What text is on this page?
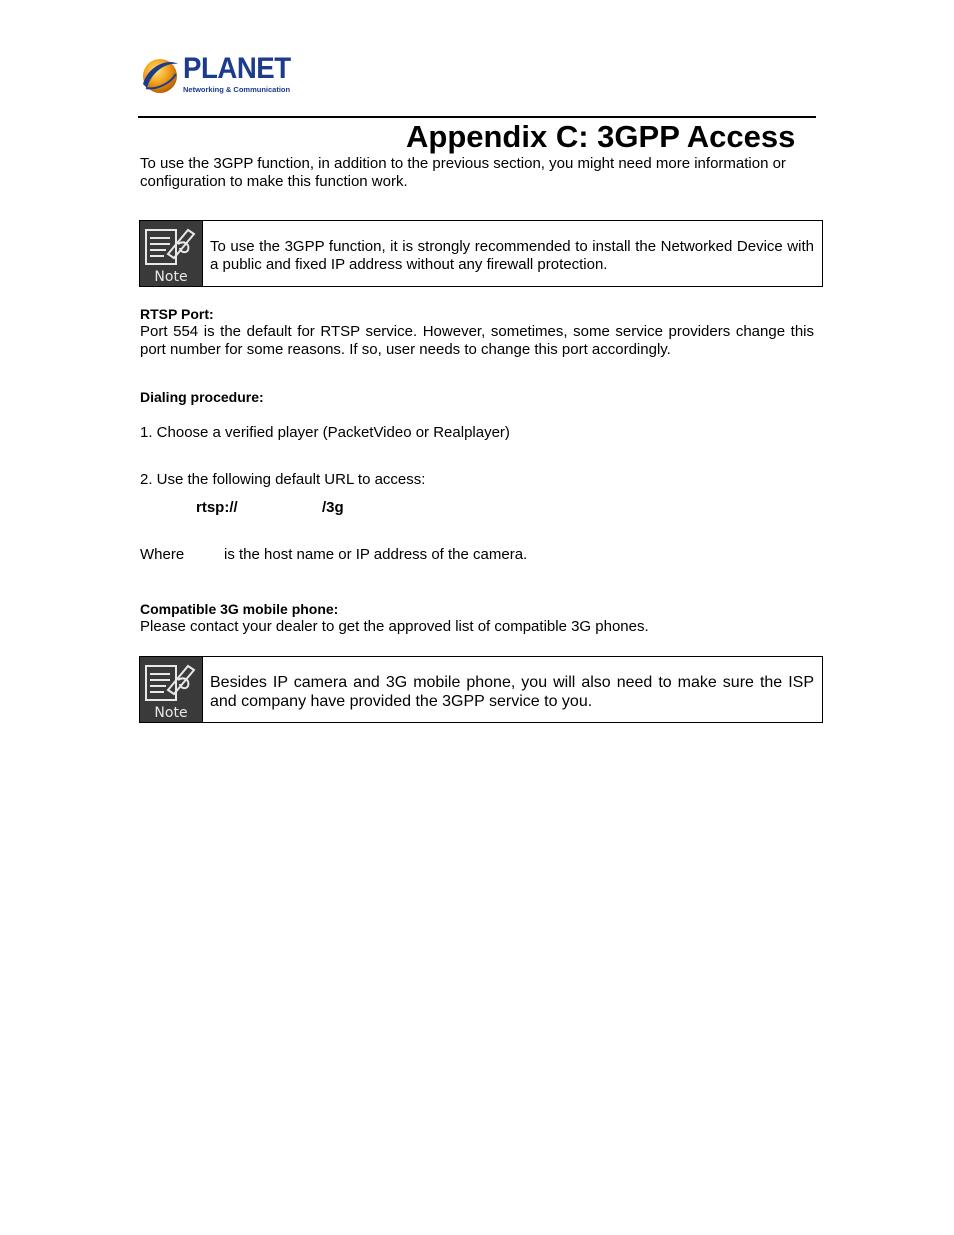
PLANET
Networking & Communication
Appendix C: 3GPP Access
To use the 3GPP function, in addition to the previous section, you might need more information or configuration to make this function work.
Note
To use the 3GPP function, it is strongly recommended to install the Networked Device with a public and fixed IP address without any firewall protection.
RTSP Port:
Port 554 is the default for RTSP service. However, sometimes, some service providers change this port number for some reasons. If so, user needs to change this port accordingly.
Dialing procedure:
1. Choose a verified player (PacketVideo or Realplayer)
2. Use the following default URL to access:
rtsp://	/3g
Where	is the host name or IP address of the camera.
Compatible 3G mobile phone:
Please contact your dealer to get the approved list of compatible 3G phones.
Note
Besides IP camera and 3G mobile phone, you will also need to make sure the ISP and company have provided the 3GPP service to you.
